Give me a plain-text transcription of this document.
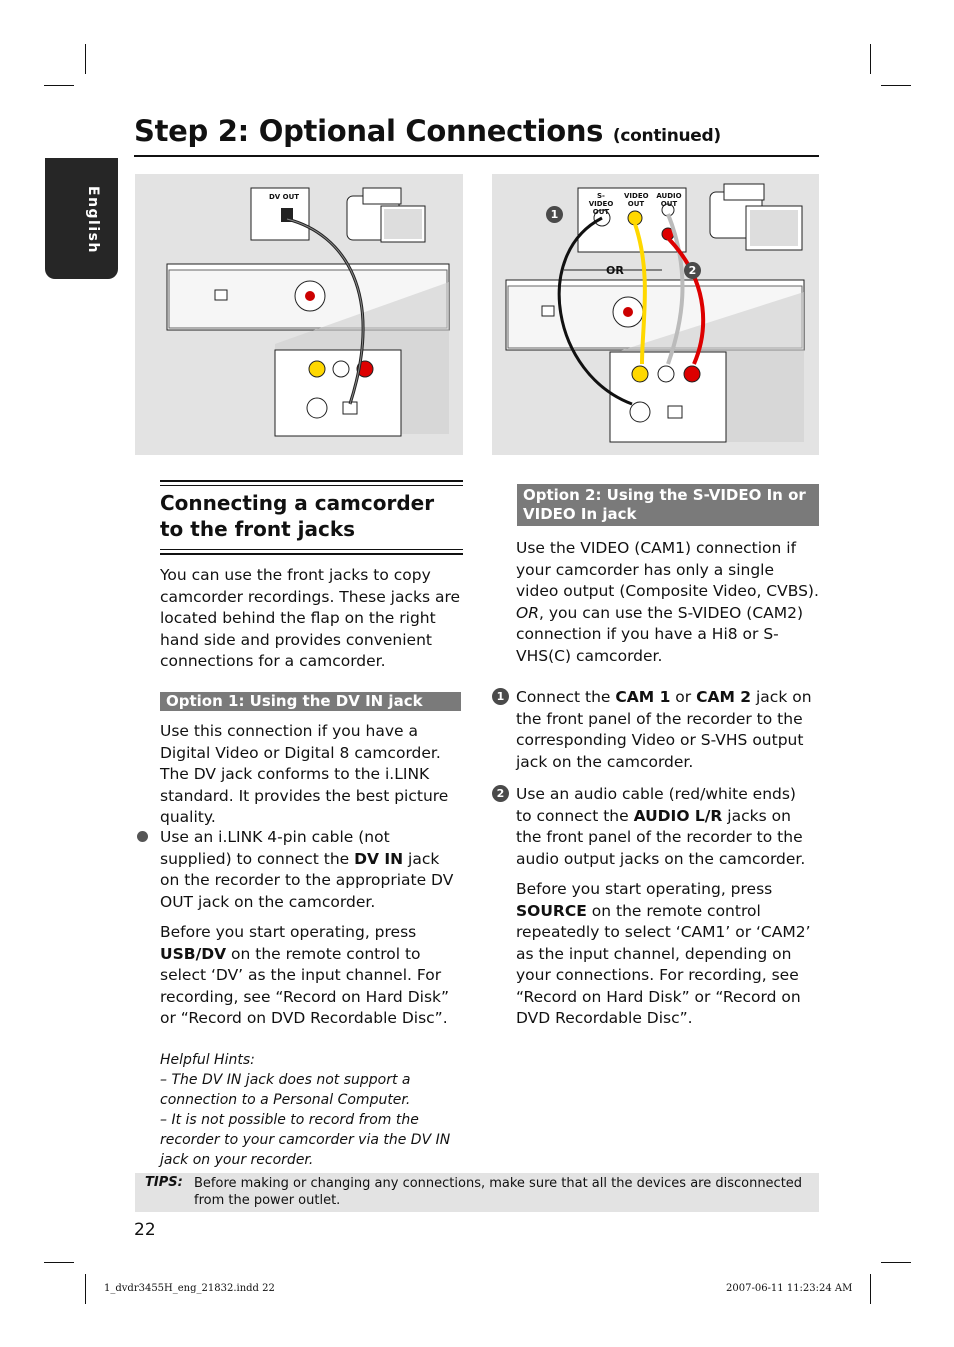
Step 2: Optional Connections (continued)
English	DV OUT	S-VIDEO OUT
VIDEO OUT
AUDIO OUT
OR
1
2
Connecting a camcorder to the front jacks
You can use the front jacks to copy camcorder recordings. These jacks are located behind the flap on the right hand side and provides convenient connections for a camcorder.
Option 1: Using the DV IN jack
Use this connection if you have a Digital Video or Digital 8 camcorder. The DV jack conforms to the i.LINK standard. It provides the best picture quality.
Use an i.LINK 4-pin cable (not supplied) to connect the DV IN jack on the recorder to the appropriate DV OUT jack on the camcorder.
Before you start operating, press USB/DV on the remote control to select ‘DV’ as the input channel. For recording, see “Record on Hard Disk” or “Record on DVD Recordable Disc”.
Helpful Hints:
– The DV IN jack does not support a connection to a Personal Computer.
– It is not possible to record from the recorder to your camcorder via the DV IN jack on your recorder.
Option 2: Using the S-VIDEO In or VIDEO In jack
Use the VIDEO (CAM1) connection if your camcorder has only a single video output (Composite Video, CVBS).
OR, you can use the S-VIDEO (CAM2) connection if you have a Hi8 or S-VHS(C) camcorder.
1 Connect the CAM 1 or CAM 2 jack on the front panel of the recorder to the corresponding Video or S-VHS output jack on the camcorder.
2 Use an audio cable (red/white ends) to connect the AUDIO L/R jacks on the front panel of the recorder to the audio output jacks on the camcorder.
Before you start operating, press SOURCE on the remote control repeatedly to select ‘CAM1’ or ‘CAM2’ as the input channel, depending on your connections. For recording, see “Record on Hard Disk” or “Record on DVD Recordable Disc”.
TIPS: Before making or changing any connections, make sure that all the devices are disconnected from the power outlet.
22
1_dvdr3455H_eng_21832.indd 22	2007-06-11 11:23:24 AM
